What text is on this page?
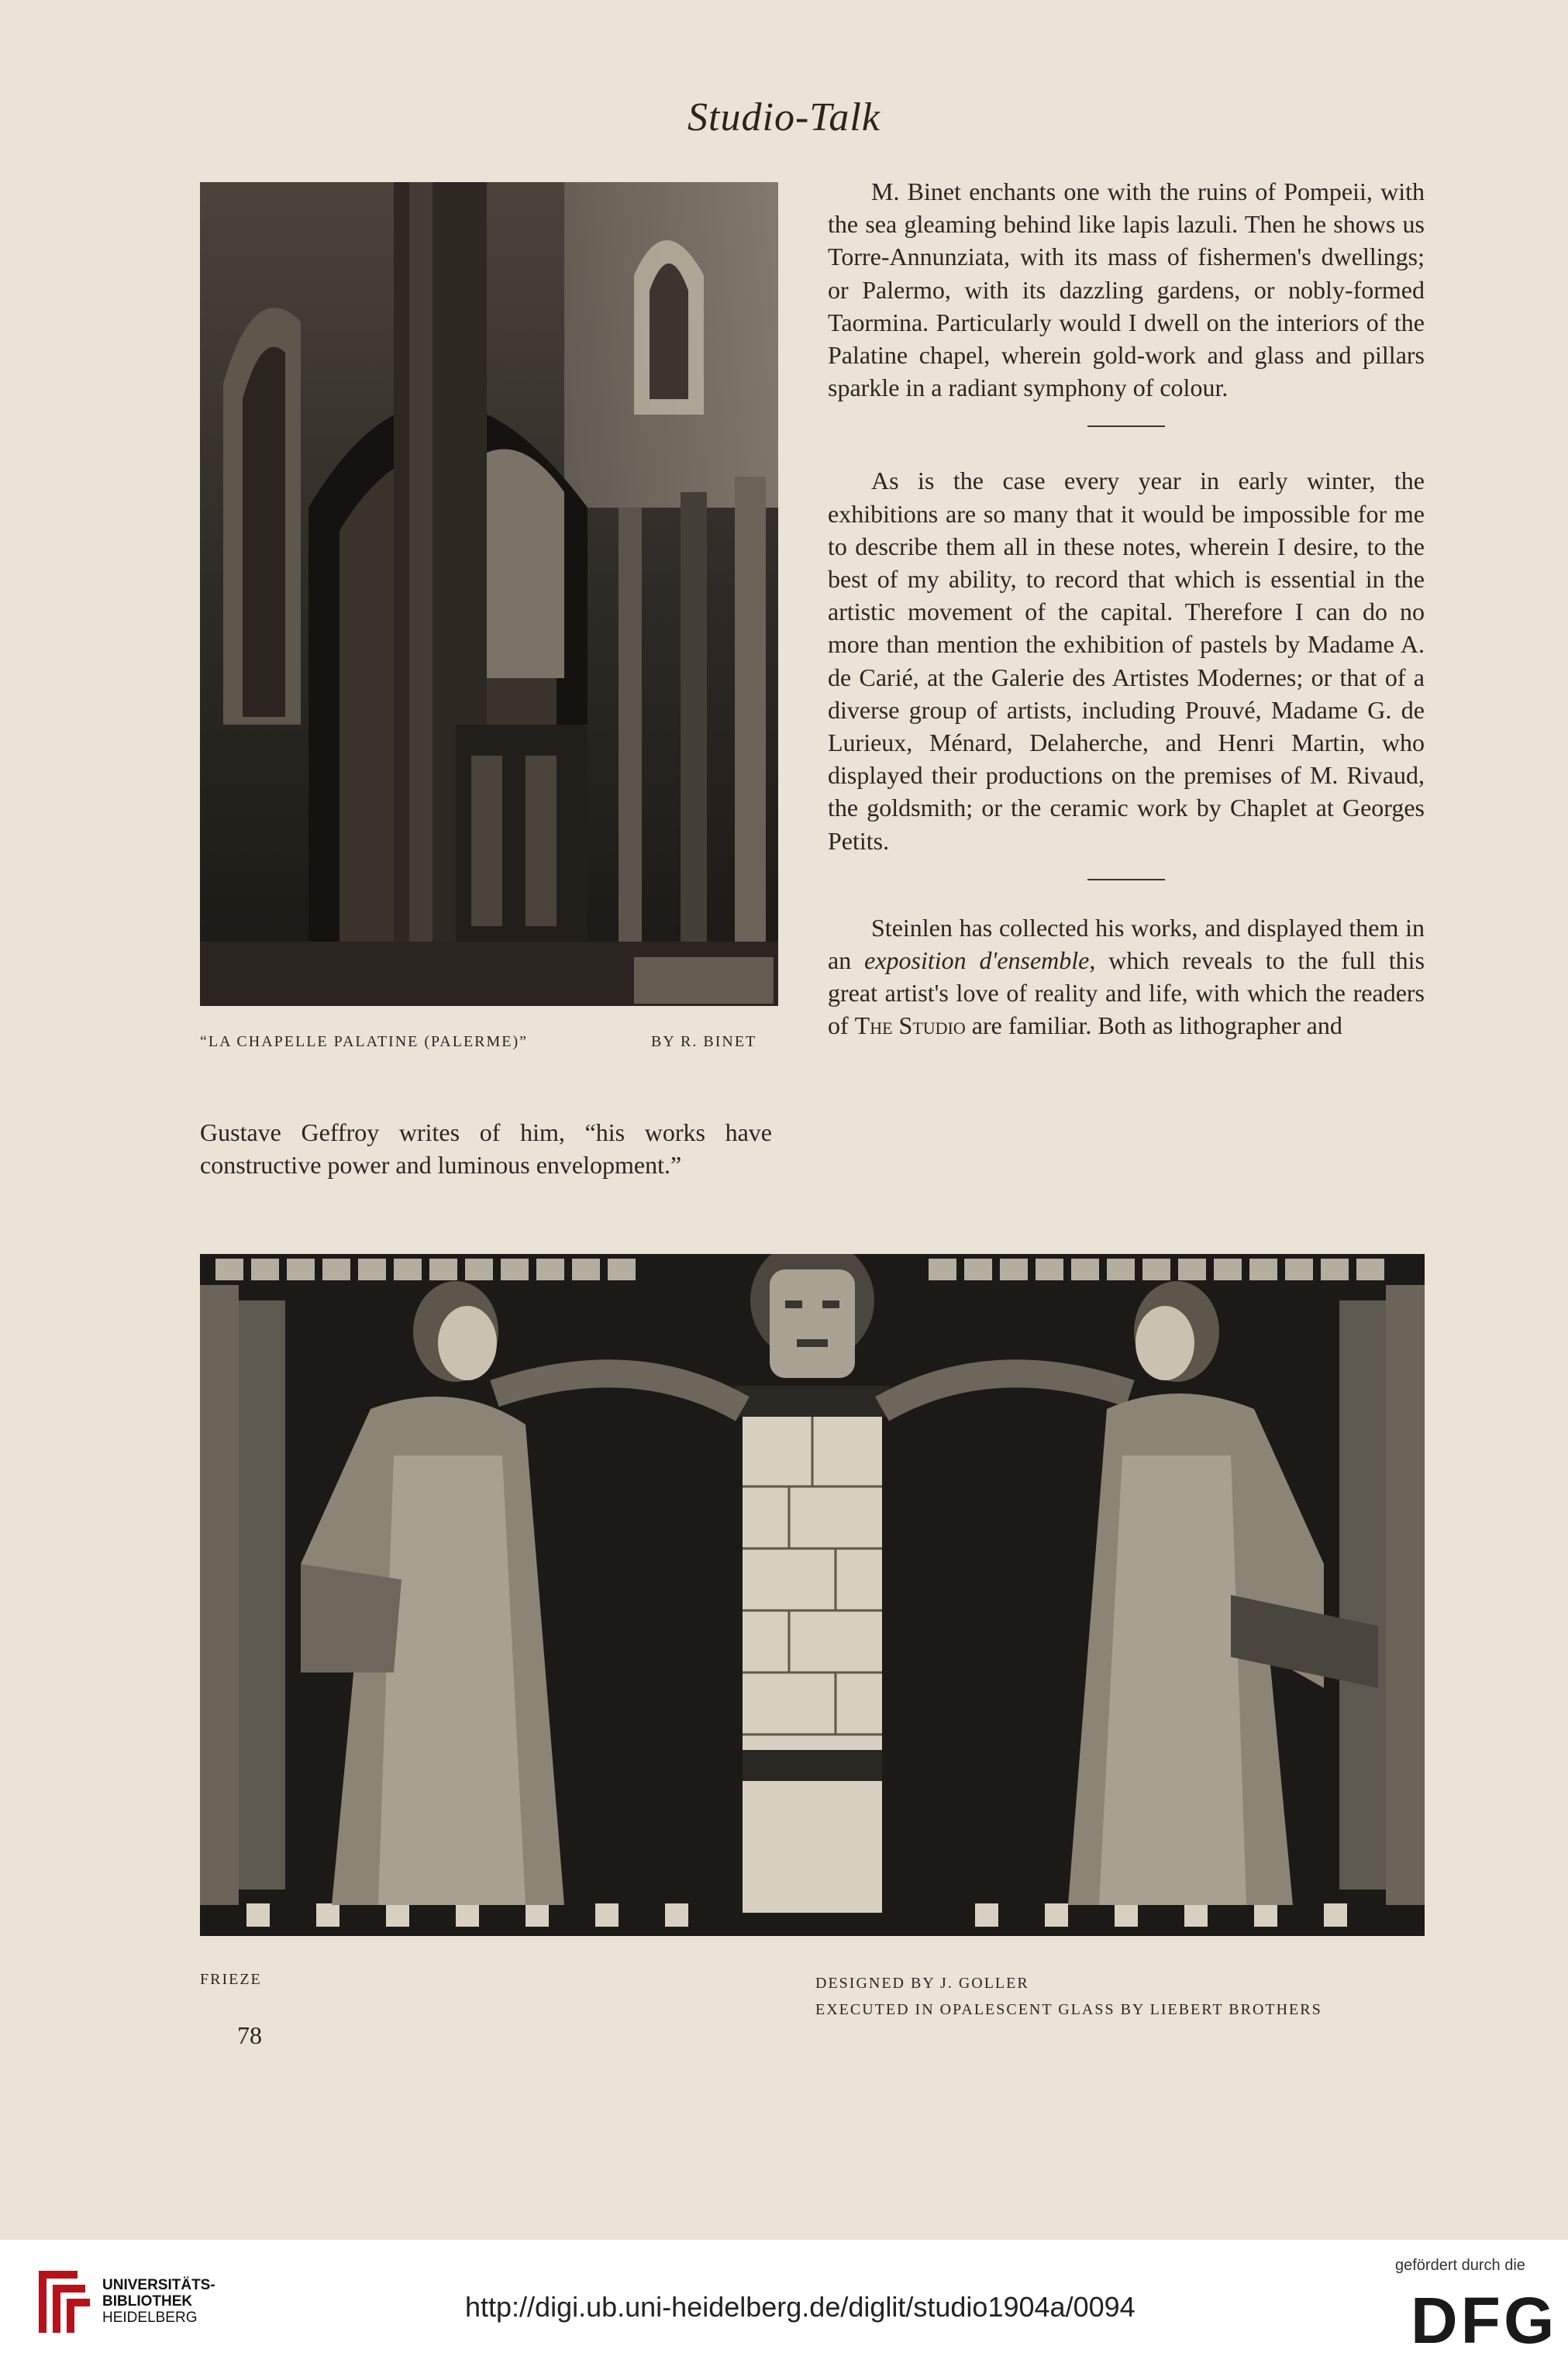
Studio-Talk
“LA CHAPELLE PALATINE (PALERME)”	BY R. BINET

Gustave Geffroy writes of him, “his works have constructive power and luminous envelopment.”

M. Binet enchants one with the ruins of Pompeii, with the sea gleaming behind like lapis lazuli. Then he shows us Torre-Annunziata, with its mass of fishermen's dwellings; or Palermo, with its dazzling gardens, or nobly-formed Taormina. Particularly would I dwell on the interiors of the Palatine chapel, wherein gold-work and glass and pillars sparkle in a radiant symphony of colour.

As is the case every year in early winter, the exhibitions are so many that it would be impossible for me to describe them all in these notes, wherein I desire, to the best of my ability, to record that which is essential in the artistic movement of the capital. Therefore I can do no more than mention the exhibition of pastels by Madame A. de Carié, at the Galerie des Artistes Modernes; or that of a diverse group of artists, including Prouvé, Madame G. de Lurieux, Ménard, Delaherche, and Henri Martin, who displayed their productions on the premises of M. Rivaud, the goldsmith; or the ceramic work by Chaplet at Georges Petits.

Steinlen has collected his works, and displayed them in an exposition d'ensemble, which reveals to the full this great artist's love of reality and life, with which the readers of The Studio are familiar. Both as lithographer and

FRIEZE	DESIGNED BY J. GOLLER
EXECUTED IN OPALESCENT GLASS BY LIEBERT BROTHERS
78
UNIVERSITÄTS-
BIBLIOTHEK
HEIDELBERG	http://digi.ub.uni-heidelberg.de/diglit/studio1904a/0094
gefördert durch die
DFG
